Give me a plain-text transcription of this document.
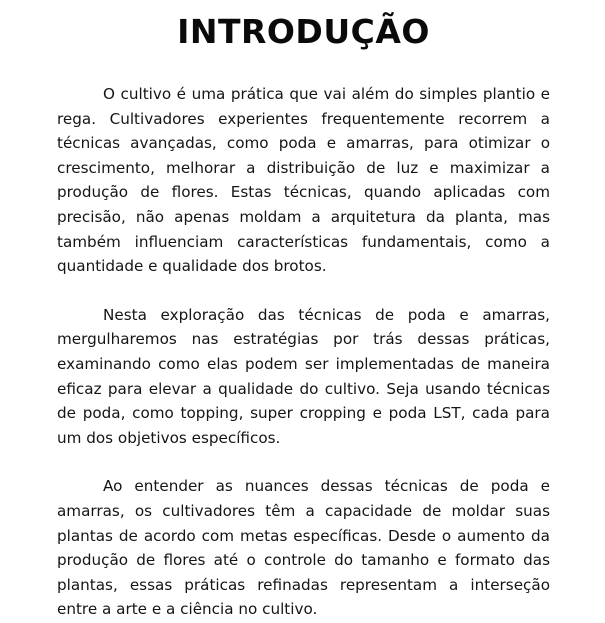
INTRODUÇÃO

O cultivo é uma prática que vai além do simples plantio e rega. Cultivadores experientes frequentemente recorrem a técnicas avançadas, como poda e amarras, para otimizar o crescimento, melhorar a distribuição de luz e maximizar a produção de flores. Estas técnicas, quando aplicadas com precisão, não apenas moldam a arquitetura da planta, mas também influenciam características fundamentais, como a quantidade e qualidade dos brotos.

Nesta exploração das técnicas de poda e amarras, mergulharemos nas estratégias por trás dessas práticas, examinando como elas podem ser implementadas de maneira eficaz para elevar a qualidade do cultivo. Seja usando técnicas de poda, como topping, super cropping e poda LST, cada para um dos objetivos específicos.

Ao entender as nuances dessas técnicas de poda e amarras, os cultivadores têm a capacidade de moldar suas plantas de acordo com metas específicas. Desde o aumento da produção de flores até o controle do tamanho e formato das plantas, essas práticas refinadas representam a interseção entre a arte e a ciência no cultivo.
